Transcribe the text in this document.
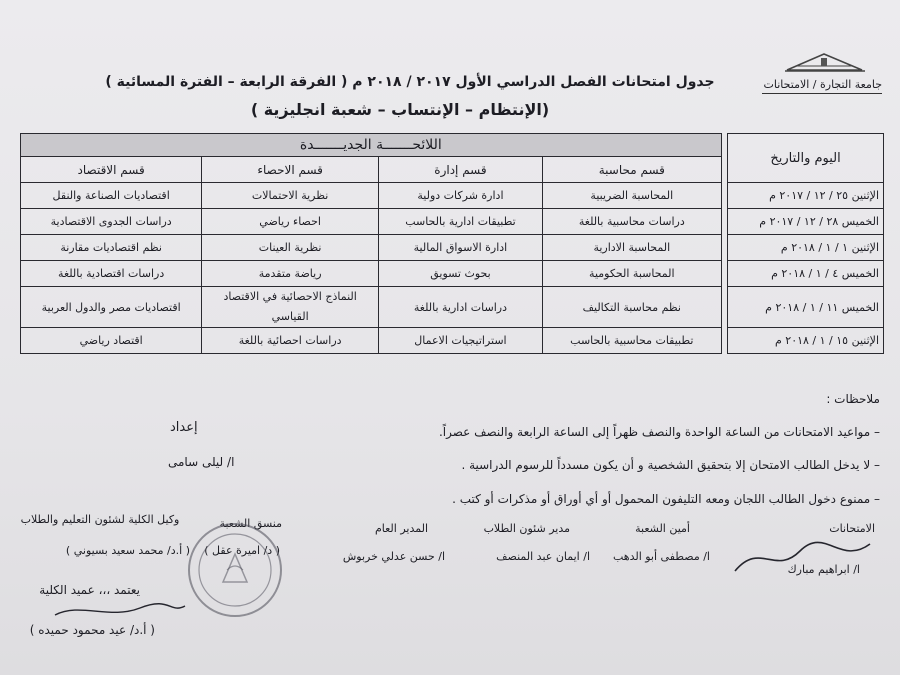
جامعة التجارة / الامتحانات
جدول امتحانات الفصل الدراسي الأول ٢٠١٧ / ٢٠١٨ م ( الفرقة الرابعة – الفترة المسائية )
(الإنتظام – الإنتساب – شعبة انجليزية )
اليوم والتاريخ		اللائحـــــــة الجديـــــــدة			
		قسم محاسبة	قسم إدارة	قسم الاحصاء	قسم الاقتصاد
الإثنين ٢٥ / ١٢ / ٢٠١٧ م		المحاسبة الضريبية	ادارة شركات دولية	نظرية الاحتمالات	اقتصاديات الصناعة والنقل
الخميس ٢٨ / ١٢ / ٢٠١٧ م		دراسات محاسبية باللغة	تطبيقات ادارية بالحاسب	احصاء رياضي	دراسات الجدوى الاقتصادية
الإثنين ١ / ١ / ٢٠١٨ م		المحاسبة الادارية	ادارة الاسواق المالية	نظرية العينات	نظم اقتصاديات مقارنة
الخميس ٤ / ١ / ٢٠١٨ م		المحاسبة الحكومية	بحوث تسويق	رياضة متقدمة	دراسات اقتصادية باللغة
الخميس ١١ / ١ / ٢٠١٨ م		نظم محاسبة التكاليف	دراسات ادارية باللغة	النماذج الاحصائية في الاقتصاد القياسي	اقتصاديات مصر والدول العربية
الإثنين ١٥ / ١ / ٢٠١٨ م		تطبيقات محاسبية بالحاسب	استراتيجيات الاعمال	دراسات احصائية باللغة	اقتصاد رياضي
ملاحظات :
– مواعيد الامتحانات من الساعة الواحدة والنصف ظهراً إلى الساعة الرابعة والنصف عصراً.
– لا يدخل الطالب الامتحان إلا بتحقيق الشخصية و أن يكون مسدداً للرسوم الدراسية .
– ممنوع دخول الطالب اللجان ومعه التليفون المحمول أو أي أوراق أو مذكرات أو كتب .
إعداد
ا/ ليلى سامى
الامتحانات
أمين الشعبة
مدير شئون الطلاب
المدير العام
منسق الشعبة
وكيل الكلية لشئون التعليم والطلاب
ا/ ابراهيم مبارك
ا/ مصطفى أبو الدهب
ا/ ايمان عبد المنصف
ا/ حسن عدلي خربوش
( د/ اميرة عقل )
( أ.د/ محمد سعيد بسيوني )
يعتمد ،،، عميد الكلية
( أ.د/ عيد محمود حميده )
